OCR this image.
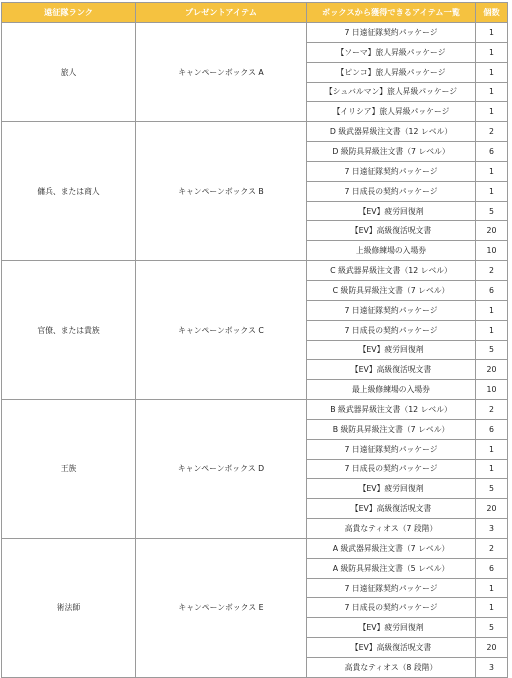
遠征隊ランク	プレゼントアイテム	ボックスから獲得できるアイテム一覧	個数
旅人	キャンペーンボックス A	7 日遠征隊契約パッケージ	1
		【ソーマ】旅人昇級パッケージ	1
		【ピンコ】旅人昇級パッケージ	1
		【シュバルマン】旅人昇級パッケージ	1
		【イリシア】旅人昇級パッケージ	1
傭兵、または商人	キャンペーンボックス B	D 級武器昇級注文書（12 レベル）	2
		D 級防具昇級注文書（7 レベル）	6
		7 日遠征隊契約パッケージ	1
		7 日成長の契約パッケージ	1
		【EV】疲労回復剤	5
		【EV】高級復活呪文書	20
		上級修練場の入場券	10
官僚、または貴族	キャンペーンボックス C	C 級武器昇級注文書（12 レベル）	2
		C 級防具昇級注文書（7 レベル）	6
		7 日遠征隊契約パッケージ	1
		7 日成長の契約パッケージ	1
		【EV】疲労回復剤	5
		【EV】高級復活呪文書	20
		最上級修練場の入場券	10
王族	キャンペーンボックス D	B 級武器昇級注文書（12 レベル）	2
		B 級防具昇級注文書（7 レベル）	6
		7 日遠征隊契約パッケージ	1
		7 日成長の契約パッケージ	1
		【EV】疲労回復剤	5
		【EV】高級復活呪文書	20
		高貴なティオス（7 段階）	3
術法師	キャンペーンボックス E	A 級武器昇級注文書（7 レベル）	2
		A 級防具昇級注文書（5 レベル）	6
		7 日遠征隊契約パッケージ	1
		7 日成長の契約パッケージ	1
		【EV】疲労回復剤	5
		【EV】高級復活呪文書	20
		高貴なティオス（8 段階）	3
